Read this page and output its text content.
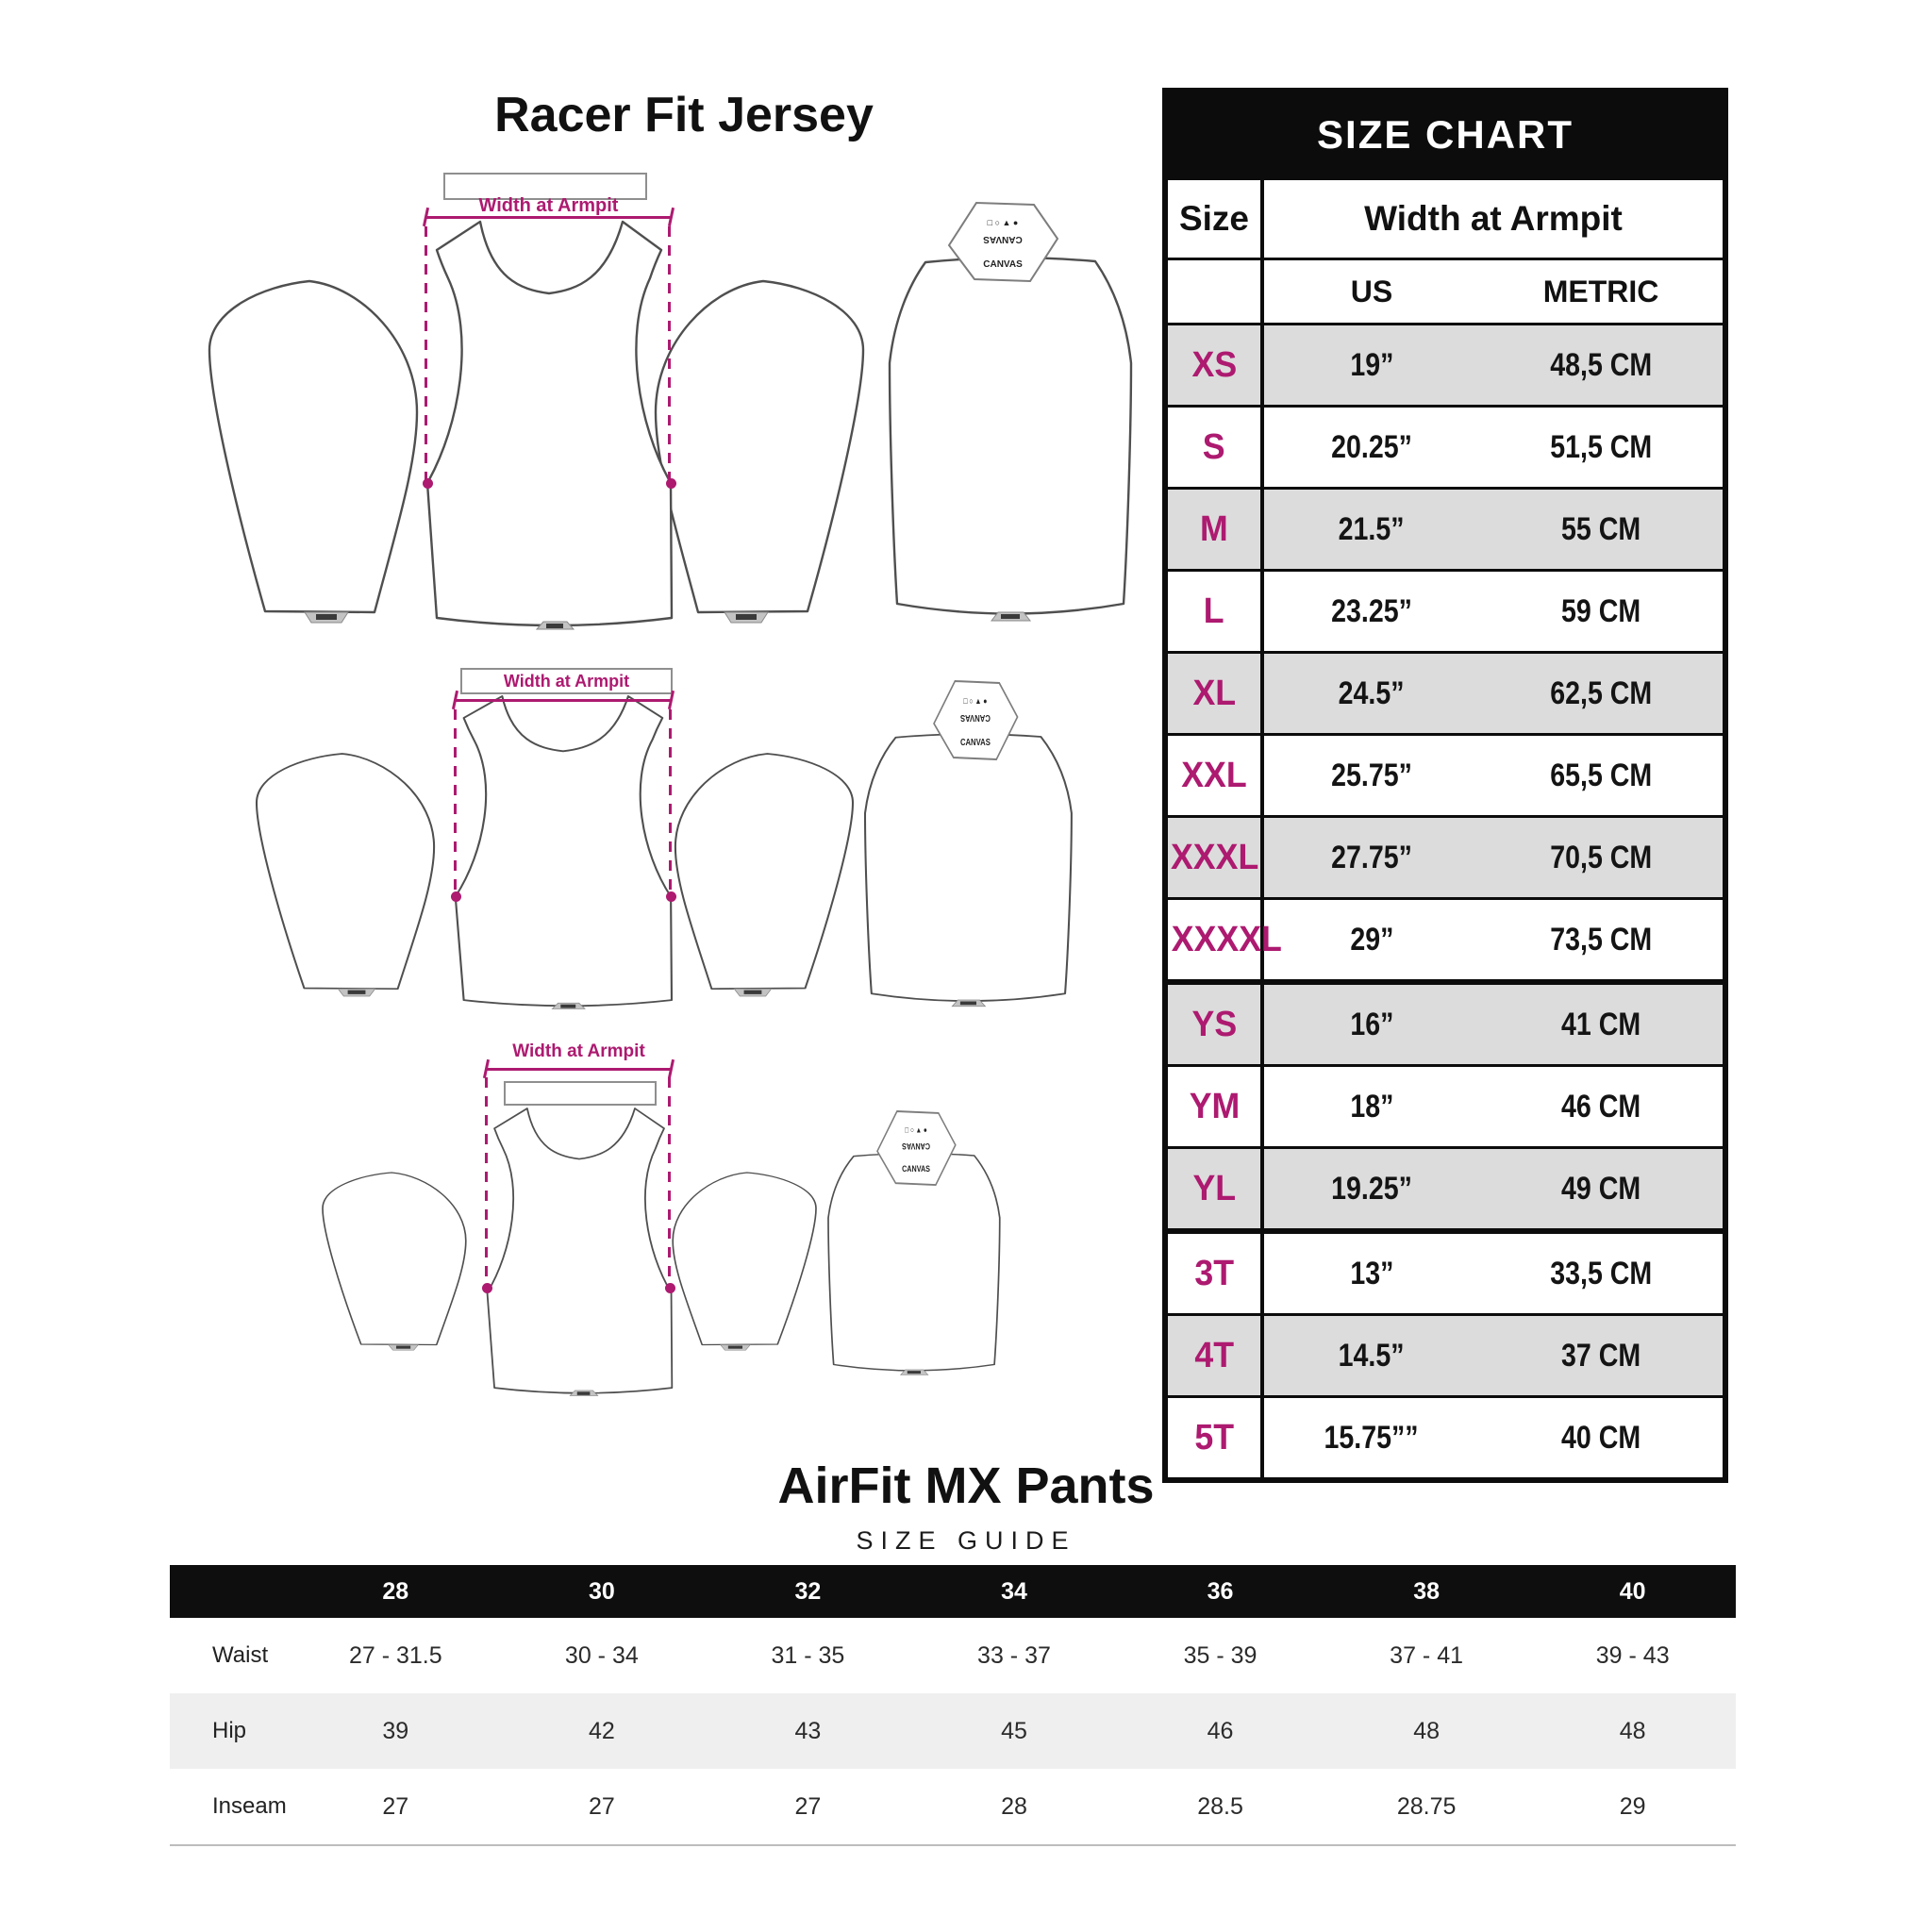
Racer Fit Jersey
Width at Armpit
Width at Armpit
Width at Armpit
SIZE CHART		
Size	Width at Armpit	
	US	METRIC
XS	19”	48,5 CM
S	20.25”	51,5 CM
M	21.5”	55 CM
L	23.25”	59 CM
XL	24.5”	62,5 CM
XXL	25.75”	65,5 CM
XXXL	27.75”	70,5 CM
XXXXL	29”	73,5 CM
YS	16”	41 CM
YM	18”	46 CM
YL	19.25”	49 CM
3T	13”	33,5 CM
4T	14.5”	37 CM
5T	15.75””	40 CM
AirFit MX Pants
SIZE GUIDE
	28	30	32	34	36	38	40
Waist	27 - 31.5	30 - 34	31 - 35	33 - 37	35 - 39	37 - 41	39 - 43
Hip	39	42	43	45	46	48	48
Inseam	27	27	27	28	28.5	28.75	29
